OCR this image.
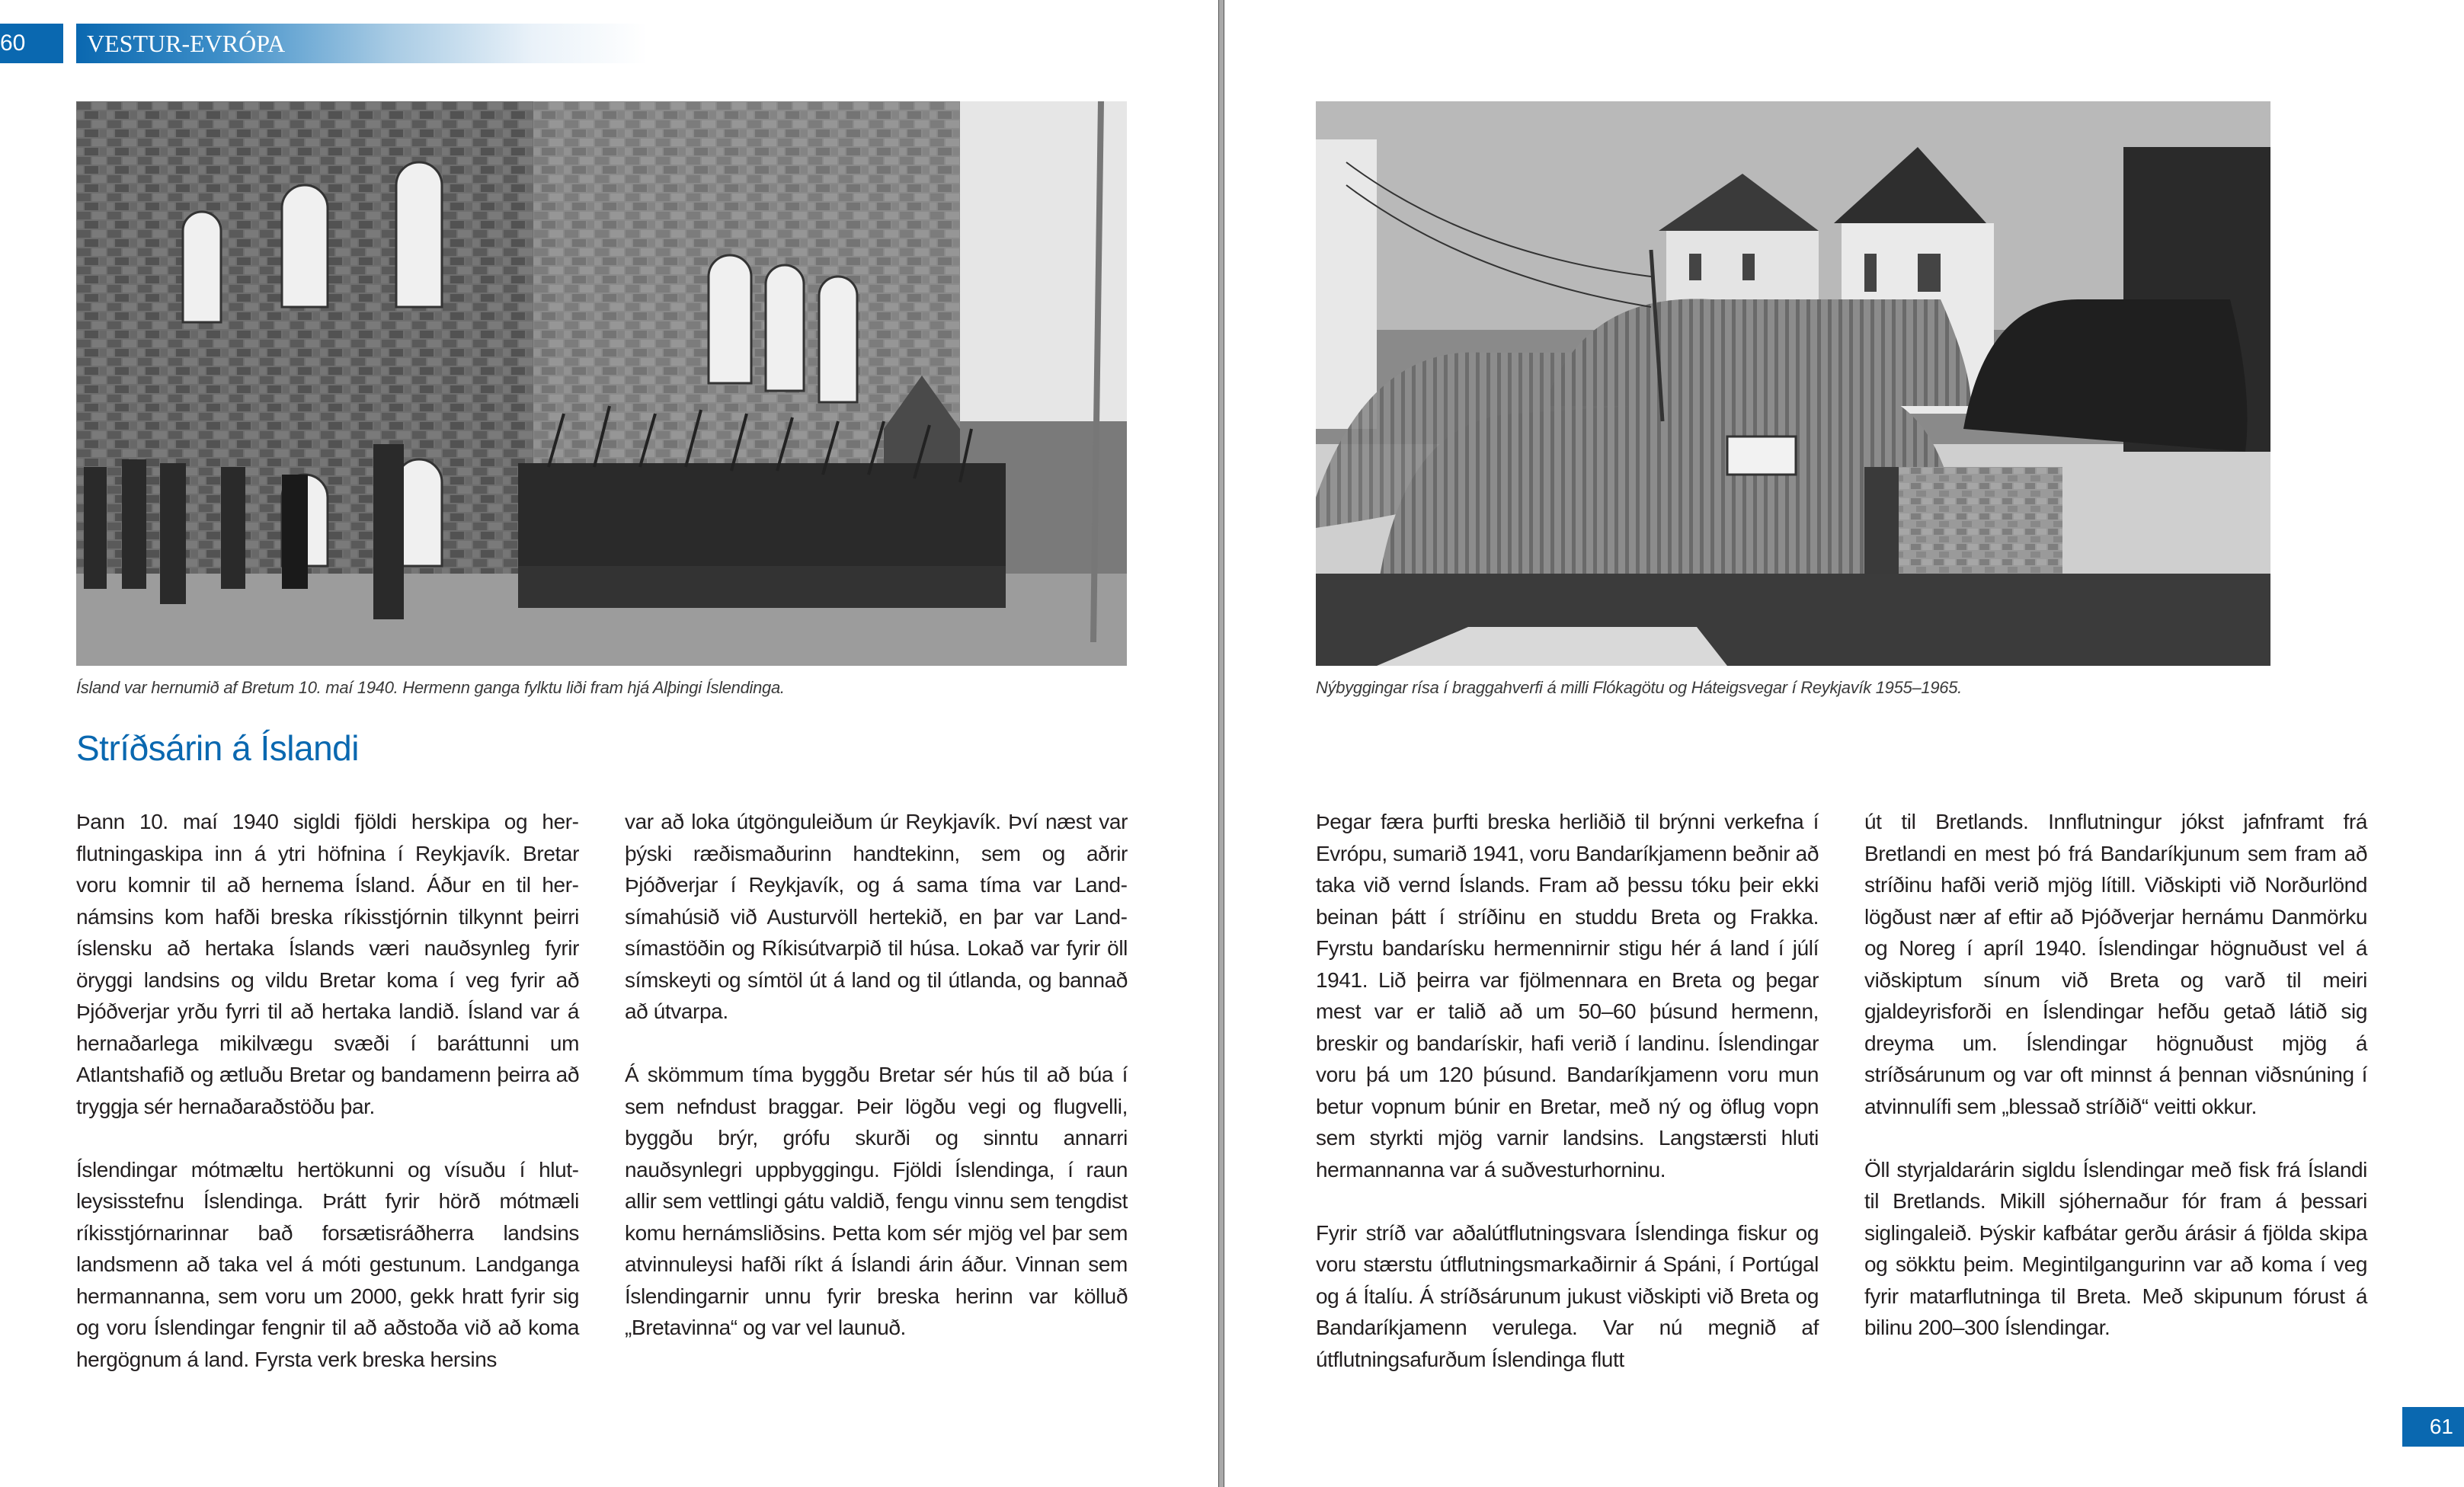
60	VESTUR-EVRÓPA
Ísland var hernumið af Bretum 10. maí 1940. Hermenn ganga fylktu liði fram hjá Alþingi Íslendinga.
Stríðsárin á Íslandi

Þann 10. maí 1940 sigldi fjöldi herskipa og herflutningaskipa inn á ytri höfnina í Reykjavík. Bretar voru komnir til að hernema Ísland. Áður en til hernámsins kom hafði breska ríkisstjórnin tilkynnt þeirri íslensku að hertaka Íslands væri nauðsynleg fyrir öryggi landsins og vildu Bretar koma í veg fyrir að Þjóðverjar yrðu fyrri til að hertaka landið. Ísland var á hernaðarlega mikilvægu svæði í baráttunni um Atlantshafið og ætluðu Bretar og bandamenn þeirra að tryggja sér hernaðaraðstöðu þar.

Íslendingar mótmæltu hertökunni og vísuðu í hlutleysisstefnu Íslendinga. Þrátt fyrir hörð mótmæli ríkisstjórnarinnar bað forsætisráðherra landsins landsmenn að taka vel á móti gestunum. Landganga hermannanna, sem voru um 2000, gekk hratt fyrir sig og voru Íslendingar fengnir til að aðstoða við að koma hergögnum á land. Fyrsta verk breska hersins

var að loka útgönguleiðum úr Reykjavík. Því næst var þýski ræðismaðurinn handtekinn, sem og aðrir Þjóðverjar í Reykjavík, og á sama tíma var Landsímahúsið við Austurvöll hertekið, en þar var Landsímastöðin og Ríkisútvarpið til húsa. Lokað var fyrir öll símskeyti og símtöl út á land og til útlanda, og bannað að útvarpa.

Á skömmum tíma byggðu Bretar sér hús til að búa í sem nefndust braggar. Þeir lögðu vegi og flugvelli, byggðu brýr, grófu skurði og sinntu annarri nauðsynlegri uppbyggingu. Fjöldi Íslendinga, í raun allir sem vettlingi gátu valdið, fengu vinnu sem tengdist komu hernámsliðsins. Þetta kom sér mjög vel þar sem atvinnuleysi hafði ríkt á Íslandi árin áður. Vinnan sem Íslendingarnir unnu fyrir breska herinn var kölluð „Bretavinna“ og var vel launuð.

Nýbyggingar rísa í braggahverfi á milli Flókagötu og Háteigsvegar í Reykjavík 1955–1965.

Þegar færa þurfti breska herliðið til brýnni verkefna í Evrópu, sumarið 1941, voru Bandaríkjamenn beðnir að taka við vernd Íslands. Fram að þessu tóku þeir ekki beinan þátt í stríðinu en studdu Breta og Frakka. Fyrstu bandarísku hermennirnir stigu hér á land í júlí 1941. Lið þeirra var fjölmennara en Breta og þegar mest var er talið að um 50–60 þúsund hermenn, breskir og bandarískir, hafi verið í landinu. Íslendingar voru þá um 120 þúsund. Bandaríkjamenn voru mun betur vopnum búnir en Bretar, með ný og öflug vopn sem styrkti mjög varnir landsins. Langstærsti hluti hermannanna var á suðvesturhorninu.

Fyrir stríð var aðalútflutningsvara Íslendinga fiskur og voru stærstu útflutningsmarkaðirnir á Spáni, í Portúgal og á Ítalíu. Á stríðsárunum jukust viðskipti við Breta og Bandaríkjamenn verulega. Var nú megnið af útflutningsafurðum Íslendinga flutt

út til Bretlands. Innflutningur jókst jafnframt frá Bretlandi en mest þó frá Bandaríkjunum sem fram að stríðinu hafði verið mjög lítill. Viðskipti við Norðurlönd lögðust nær af eftir að Þjóðverjar hernámu Danmörku og Noreg í apríl 1940. Íslendingar högnuðust vel á viðskiptum sínum við Breta og varð til meiri gjaldeyrisforði en Íslendingar hefðu getað látið sig dreyma um. Íslendingar högnuðust mjög á stríðsárunum og var oft minnst á þennan viðsnúning í atvinnulífi sem „blessað stríðið“ veitti okkur.

Öll styrjaldarárin sigldu Íslendingar með fisk frá Íslandi til Bretlands. Mikill sjóhernaður fór fram á þessari siglingaleið. Þýskir kafbátar gerðu árásir á fjölda skipa og sökktu þeim. Megintilgangurinn var að koma í veg fyrir matarflutninga til Breta. Með skipunum fórust á bilinu 200–300 Íslendingar.

61
